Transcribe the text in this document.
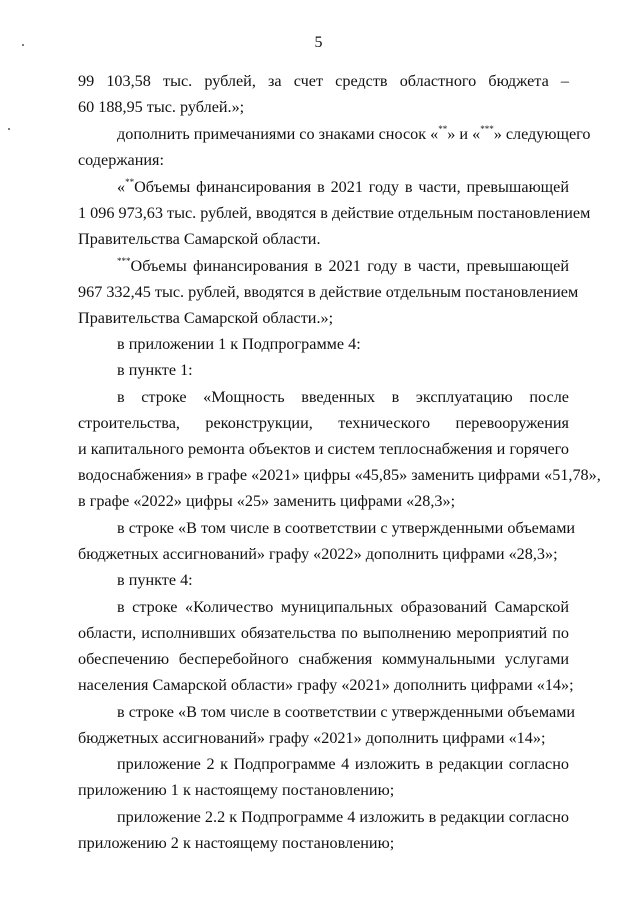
5
99 103,58 тыс. рублей, за счет средств областного бюджета –
60 188,95 тыс. рублей.»;
дополнить примечаниями со знаками сносок «**» и «***» следующего
содержания:
«**Объемы финансирования в 2021 году в части, превышающей
1 096 973,63 тыс. рублей, вводятся в действие отдельным постановлением
Правительства Самарской области.
***Объемы финансирования в 2021 году в части, превышающей
967 332,45 тыс. рублей, вводятся в действие отдельным постановлением
Правительства Самарской области.»;
в приложении 1 к Подпрограмме 4:
в пункте 1:
в строке «Мощность введенных в эксплуатацию после
строительства, реконструкции, технического перевооружения
и капитального ремонта объектов и систем теплоснабжения и горячего
водоснабжения» в графе «2021» цифры «45,85» заменить цифрами «51,78»,
в графе «2022» цифры «25» заменить цифрами «28,3»;
в строке «В том числе в соответствии с утвержденными объемами
бюджетных ассигнований» графу «2022» дополнить цифрами «28,3»;
в пункте 4:
в строке «Количество муниципальных образований Самарской
области, исполнивших обязательства по выполнению мероприятий по
обеспечению бесперебойного снабжения коммунальными услугами
населения Самарской области» графу «2021» дополнить цифрами «14»;
в строке «В том числе в соответствии с утвержденными объемами
бюджетных ассигнований» графу «2021» дополнить цифрами «14»;
приложение 2 к Подпрограмме 4 изложить в редакции согласно
приложению 1 к настоящему постановлению;
приложение 2.2 к Подпрограмме 4 изложить в редакции согласно
приложению 2 к настоящему постановлению;
